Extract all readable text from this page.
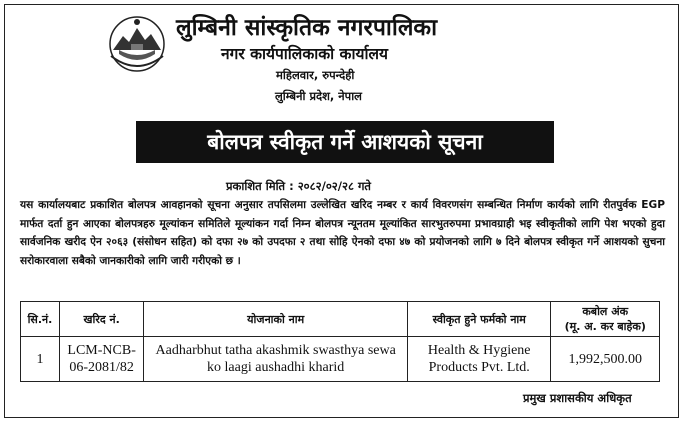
लुम्बिनी सांस्कृतिक नगरपालिका
नगर कार्यपालिकाको कार्यालय
महिलवार, रुपन्देही
लुम्बिनी प्रदेश, नेपाल
बोलपत्र स्वीकृत गर्ने आशयको सूचना
प्रकाशित मिति : २०८२/०२/२८ गते
यस कार्यालयबाट प्रकाशित बोलपत्र आवहानको सूचना अनुसार तपसिलमा उल्लेखित खरिद नम्बर र कार्य विवरणसंग सम्बन्धित निर्माण कार्यको लागि रीतपुर्वक EGP मार्फत दर्ता हुन आएका बोलपत्रहरु मूल्यांकन समितिले मूल्यांकन गर्दा निम्न बोलपत्र न्यूनतम मूल्यांकित सारभुतरुपमा प्रभावग्राही भइ स्वीकृतीको लागि पेश भएको हुदा सार्वजनिक खरीद ऐन २०६३ (संसोधन सहित) को दफा २७ को उपदफा २ तथा सोहि ऐनको दफा ४७ को प्रयोजनको लागि ७ दिने बोलपत्र स्वीकृत गर्ने आशयको सुचना सरोकारवाला सबैको जानकारीको लागि जारी गरीएको छ ।
सि.नं.	खरिद नं.	योजनाको नाम	स्वीकृत हुने फर्मको नाम	कबोल अंक
(मू. अ. कर बाहेक)

1	LCM-NCB-06-2081/82	Aadharbhut tatha akashmik swasthya sewa ko laagi aushadhi kharid	Health & Hygiene Products Pvt. Ltd.	1,992,500.00
प्रमुख प्रशासकीय अधिकृत
